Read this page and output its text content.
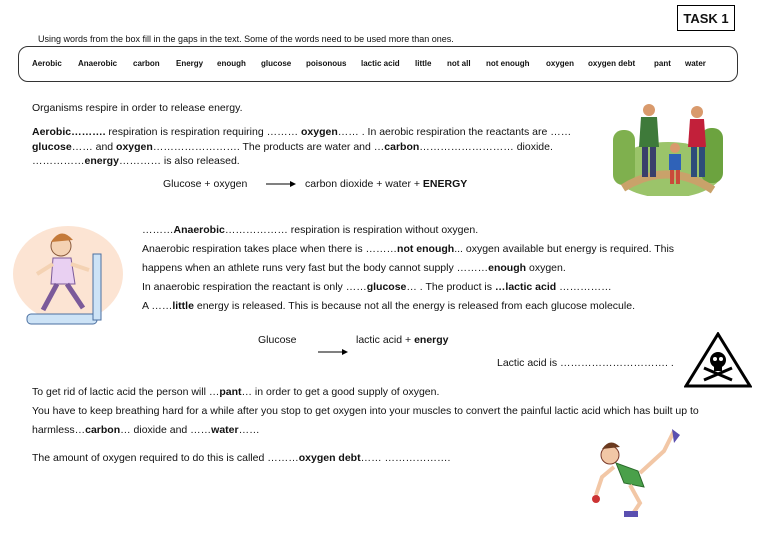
TASK 1
Using words from the box fill in the gaps in the text. Some of the words need to be used more than ones.
Aerobic Anaerobic carbon Energy enough glucose poisonous lactic acid little not all not enough oxygen oxygen debt pant water
Organisms respire in order to release energy.
Aerobic………. respiration is respiration requiring ……… oxygen…… . In aerobic respiration the reactants are ……
glucose…… and oxygen……………………. The products are water and …carbon……………………… dioxide.
……………energy………… is also released.
Glucose + oxygen	carbon dioxide + water + ENERGY
………Anaerobic……………… respiration is respiration without oxygen.
Anaerobic respiration takes place when there is ………not enough... oxygen available but energy is required. This
happens when an athlete runs very fast but the body cannot supply ………enough oxygen.
In anaerobic respiration the reactant is only ……glucose… . The product is …lactic acid ……………
A ……little energy is released. This is because not all the energy is released from each glucose molecule.
Glucose	lactic acid + energy
Lactic acid is …………………………. .
To get rid of lactic acid the person will …pant… in order to get a good supply of oxygen.
You have to keep breathing hard for a while after you stop to get oxygen into your muscles to convert the painful lactic acid which has built up to
harmless…carbon… dioxide and ……water……
The amount of oxygen required to do this is called ………oxygen debt…… ……………….
